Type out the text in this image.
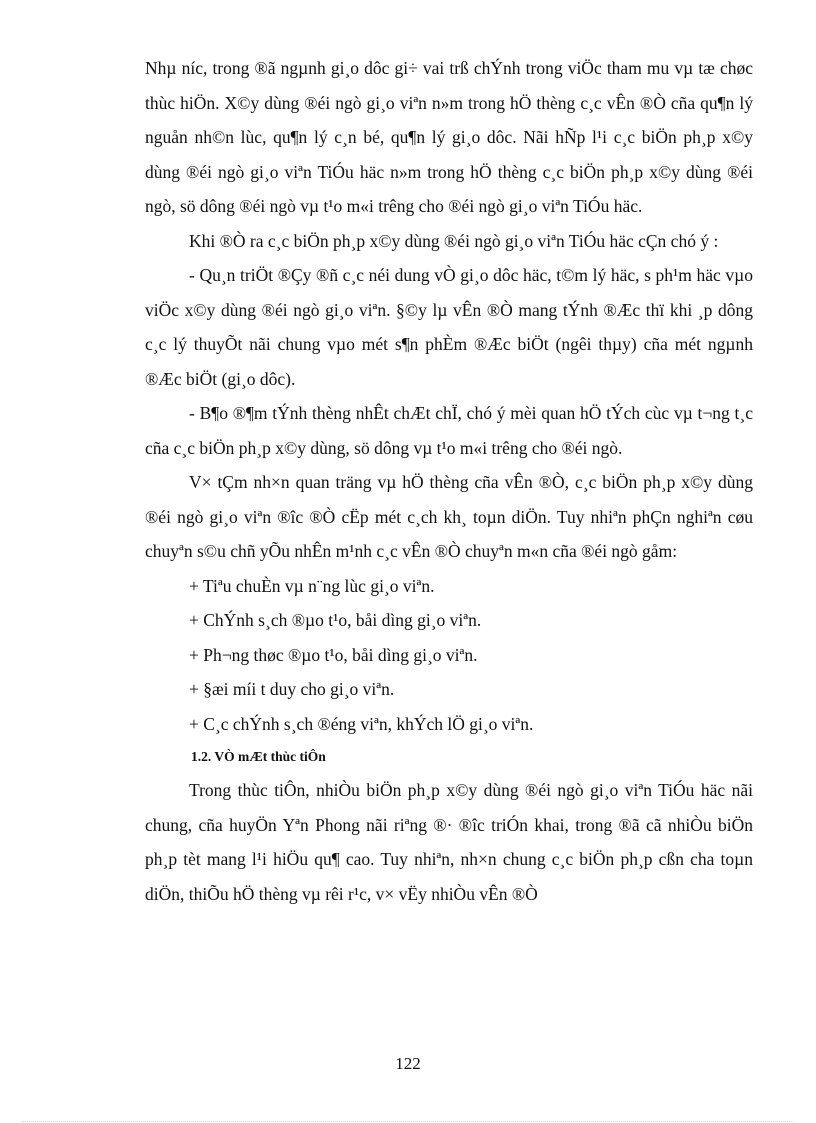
Nhµ níc, trong ®ã ngµnh gi¸o dôc gi÷ vai trß chÝnh trong viÖc tham mu vµ tæ chøc thùc hiÖn. X©y dùng ®éi ngò gi¸o viªn n»m trong hÖ thèng c¸c vÊn ®Ò cña qu¶n lý nguån nh©n lùc, qu¶n lý c¸n bé, qu¶n lý gi¸o dôc. Nãi hÑp l¹i c¸c biÖn ph¸p x©y dùng ®éi ngò gi¸o viªn TiÓu häc n»m trong hÖ thèng c¸c biÖn ph¸p x©y dùng ®éi ngò, sö dông ®éi ngò vµ t¹o m«i trêng cho ®éi ngò gi¸o viªn TiÓu häc.

Khi ®Ò ra c¸c biÖn ph¸p x©y dùng ®éi ngò gi¸o viªn TiÓu häc cÇn chó ý :

- Qu¸n triÖt ®Çy ®ñ c¸c néi dung vÒ gi¸o dôc häc, t©m lý häc, s ph¹m häc vµo viÖc x©y dùng ®éi ngò gi¸o viªn. §©y lµ vÊn ®Ò mang tÝnh ®Æc thï khi ¸p dông c¸c lý thuyÕt nãi chung vµo mét s¶n phÈm ®Æc biÖt (ngêi thµy) cña mét ngµnh ®Æc biÖt (gi¸o dôc).

- B¶o ®¶m tÝnh thèng nhÊt chÆt chÏ, chó ý mèi quan hÖ tÝch cùc vµ t¬ng t¸c cña c¸c biÖn ph¸p x©y dùng, sö dông vµ t¹o m«i trêng cho ®éi ngò.

V× tÇm nh×n quan träng vµ hÖ thèng cña vÊn ®Ò, c¸c biÖn ph¸p x©y dùng ®éi ngò gi¸o viªn ®îc ®Ò cËp mét c¸ch kh¸ toµn diÖn. Tuy nhiªn phÇn nghiªn cøu chuyªn s©u chñ yÕu nhÊn m¹nh c¸c vÊn ®Ò chuyªn m«n cña ®éi ngò gåm:

+ Tiªu chuÈn vµ n¨ng lùc gi¸o viªn.

+ ChÝnh s¸ch ®µo t¹o, båi dìng gi¸o viªn.

+ Ph¬ng thøc ®µo t¹o, båi dìng gi¸o viªn.

+ §æi míi t duy cho gi¸o viªn.

+ C¸c chÝnh s¸ch ®éng viªn, khÝch lÖ gi¸o viªn.

1.2. VÒ mÆt thùc tiÔn

Trong thùc tiÔn, nhiÒu biÖn ph¸p x©y dùng ®éi ngò gi¸o viªn TiÓu häc nãi chung, cña huyÖn Yªn Phong nãi riªng ®· ®îc triÓn khai, trong ®ã cã nhiÒu biÖn ph¸p tèt mang l¹i hiÖu qu¶ cao. Tuy nhiªn, nh×n chung c¸c biÖn ph¸p cßn cha toµn diÖn, thiÕu hÖ thèng vµ rêi r¹c, v× vËy nhiÒu vÊn ®Ò

122
